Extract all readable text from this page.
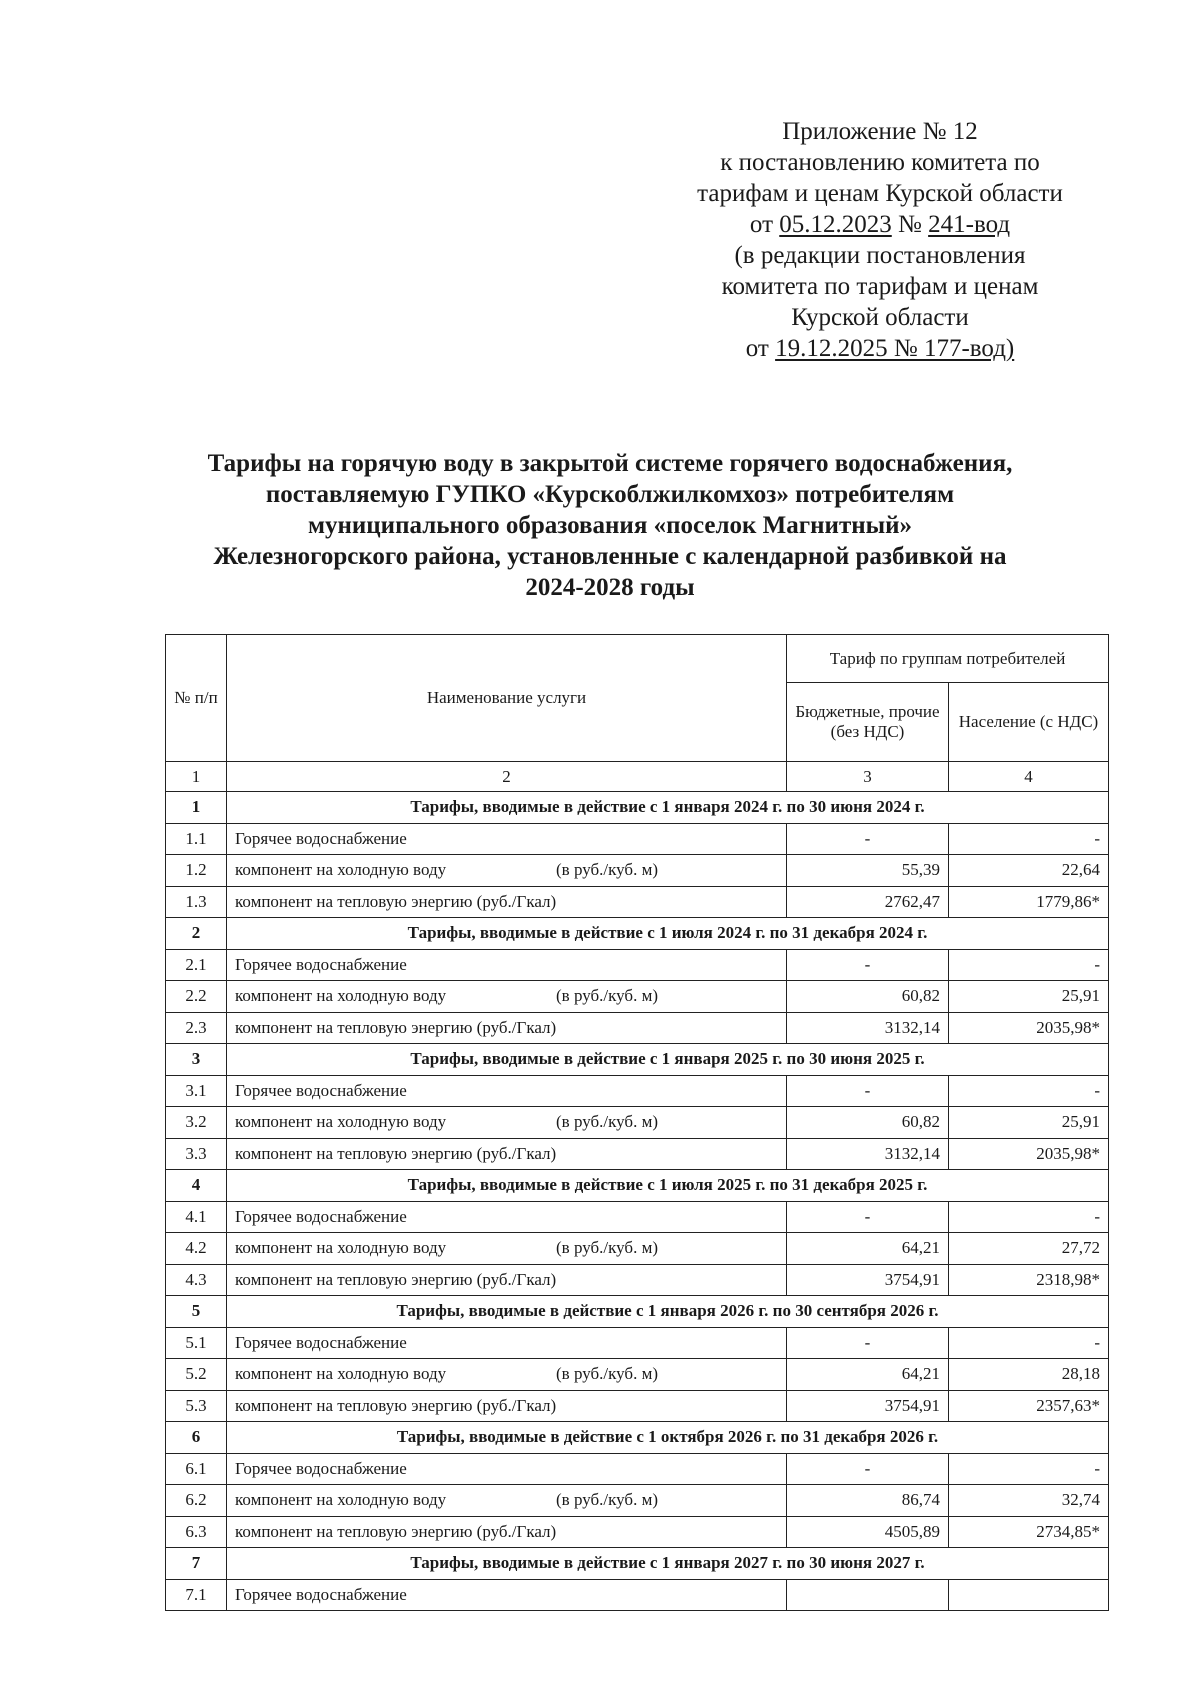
Приложение № 12
к постановлению комитета по
тарифам и ценам Курской области
от 05.12.2023 № 241-вод
(в редакции постановления
комитета по тарифам и ценам
Курской области
от 19.12.2025 № 177-вод)
Тарифы на горячую воду в закрытой системе горячего водоснабжения,
поставляемую ГУПКО «Курскоблжилкомхоз» потребителям
муниципального образования «поселок Магнитный»
Железногорского района, установленные с календарной разбивкой на
2024-2028 годы
№ п/п	Наименование услуги	Тариф по группам потребителей	
		Бюджетные, прочие (без НДС)	Население (с НДС)
1	2	3	4
1	Тарифы, вводимые в действие с 1 января 2024 г. по 30 июня 2024 г.		
1.1	Горячее водоснабжение	-	-
1.2	компонент на холодную воду (в руб./куб. м)	55,39	22,64
1.3	компонент на тепловую энергию (руб./Гкал)	2762,47	1779,86*
2	Тарифы, вводимые в действие с 1 июля 2024 г. по 31 декабря 2024 г.		
2.1	Горячее водоснабжение	-	-
2.2	компонент на холодную воду (в руб./куб. м)	60,82	25,91
2.3	компонент на тепловую энергию (руб./Гкал)	3132,14	2035,98*
3	Тарифы, вводимые в действие с 1 января 2025 г. по 30 июня 2025 г.		
3.1	Горячее водоснабжение	-	-
3.2	компонент на холодную воду (в руб./куб. м)	60,82	25,91
3.3	компонент на тепловую энергию (руб./Гкал)	3132,14	2035,98*
4	Тарифы, вводимые в действие с 1 июля 2025 г. по 31 декабря 2025 г.		
4.1	Горячее водоснабжение	-	-
4.2	компонент на холодную воду (в руб./куб. м)	64,21	27,72
4.3	компонент на тепловую энергию (руб./Гкал)	3754,91	2318,98*
5	Тарифы, вводимые в действие с 1 января 2026 г. по 30 сентября 2026 г.		
5.1	Горячее водоснабжение	-	-
5.2	компонент на холодную воду (в руб./куб. м)	64,21	28,18
5.3	компонент на тепловую энергию (руб./Гкал)	3754,91	2357,63*
6	Тарифы, вводимые в действие с 1 октября 2026 г. по 31 декабря 2026 г.		
6.1	Горячее водоснабжение	-	-
6.2	компонент на холодную воду (в руб./куб. м)	86,74	32,74
6.3	компонент на тепловую энергию (руб./Гкал)	4505,89	2734,85*
7	Тарифы, вводимые в действие с 1 января 2027 г. по 30 июня 2027 г.		
7.1	Горячее водоснабжение		
